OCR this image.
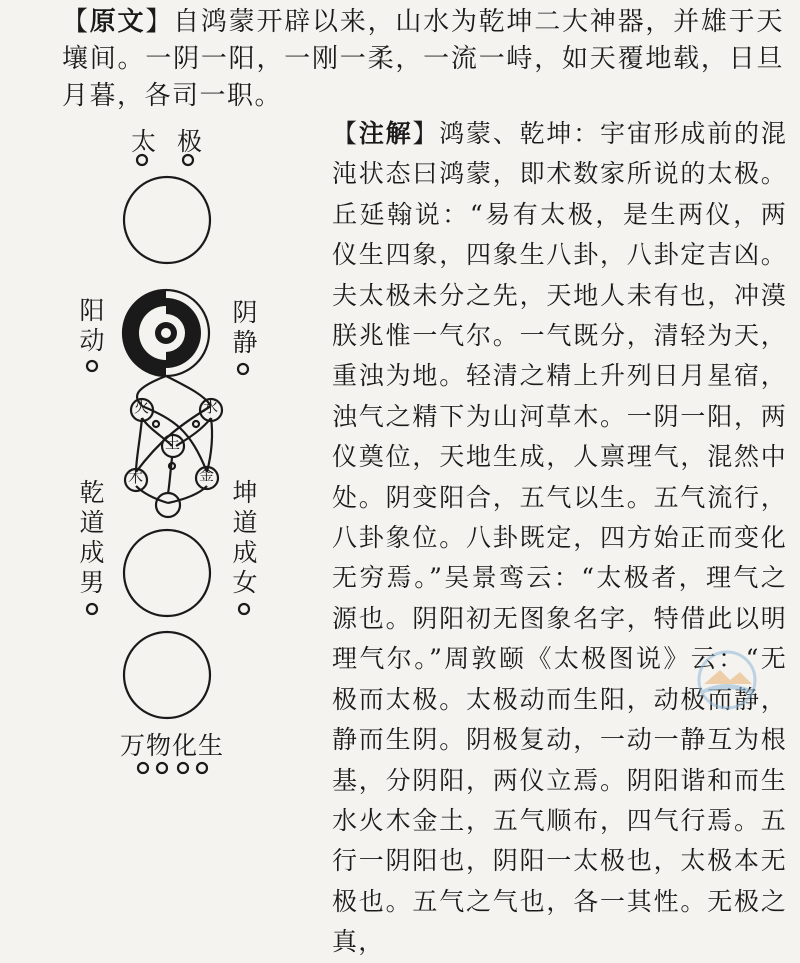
【原文】自鸿蒙开辟以来，山水为乾坤二大神器，并雄于天壤间。一阴一阳，一刚一柔，一流一峙，如天覆地载，日旦月暮，各司一职。
太 极
阳动
阴静
火	水
土
木	金
乾道成男
坤道成女
万物化生
【注解】鸿蒙、乾坤：宇宙形成前的混沌状态曰鸿蒙，即术数家所说的太极。丘延翰说：“易有太极，是生两仪，两仪生四象，四象生八卦，八卦定吉凶。夫太极未分之先，天地人未有也，冲漠朕兆惟一气尔。一气既分，清轻为天，重浊为地。轻清之精上升列日月星宿，浊气之精下为山河草木。一阴一阳，两仪奠位，天地生成，人禀理气，混然中处。阴变阳合，五气以生。五气流行，八卦象位。八卦既定，四方始正而变化无穷焉。”吴景鸾云：“太极者，理气之源也。阴阳初无图象名字，特借此以明理气尔。”周敦颐《太极图说》云：“无极而太极。太极动而生阳，动极而静，静而生阴。阴极复动，一动一静互为根基，分阴阳，两仪立焉。阴阳谐和而生水火木金土，五气顺布，四气行焉。五行一阴阳也，阴阳一太极也，太极本无极也。五气之气也，各一其性。无极之真，
